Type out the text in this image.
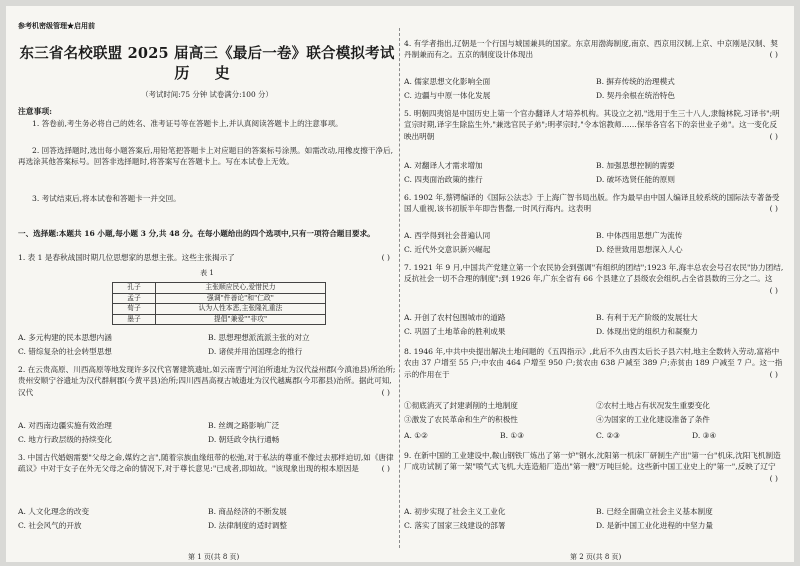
参考机密级管理★启用前
东三省名校联盟 2025 届高三《最后一卷》联合模拟考试
历 史
（考试时间:75 分钟 试卷满分:100 分）
注意事项:
1. 答卷前,考生务必将自己的姓名、准考证号等在答题卡上,并认真阅读答题卡上的注意事项。
2. 回答选择题时,选出每小题答案后,用铅笔把答题卡上对应题目的答案标号涂黑。如需改动,用橡皮擦干净后,再选涂其他答案标号。回答非选择题时,将答案写在答题卡上。写在本试卷上无效。
3. 考试结束后,将本试卷和答题卡一并交回。
一、选择题:本题共 16 小题,每小题 3 分,共 48 分。在每小题给出的四个选项中,只有一项符合题目要求。
1. 表 1 是春秋战国时期几位思想家的思想主张。这些主张揭示了	( )
表 1
孔子	主张顺应民心,爱惜民力
孟子	强调"件善论"和"仁政"
荀子	认为人性本恶,主张隆礼重法
墨子	提倡"兼爱""非攻"
A. 多元构建的民本思想内涵	B. 思想理想派流派主张的对立
C. 错综复杂的社会转型思想	D. 诸侯并用治国理念的推行
2. 在云贵高原、川西高原等地发现许多汉代官署建筑遗址,如云南晋宁河泊所遗址为汉代益州郡(今滇池县)所治所;贵州安顺宁谷遗址为汉代群舸郡(今黄平县)治所;四川西昌高视古城遗址为汉代越嶲郡(今邛都县)治所。据此可知,汉代	( )
A. 对西南边疆实施有效治理	B. 丝绸之路影响广泛
C. 地方行政层级的持续变化	D. 朝廷政令执行通畅
3. 中国古代婚姻需要"父母之命,媒妁之言",随着宗族血缘纽带的松弛,对于私法的尊重不像过去那样迫切,如《唐律疏议》中对于女子在外无父母之命的情况下,对于尊长意见:"已成者,即如故。"该现象出现的根本原因是	( )
A. 人文化理念的改变	B. 商品经济的不断发展
C. 社会风气的开放	D. 法律制度的适时调整
第 1 页(共 8 页)
4. 有学者指出,辽朝是一个行国与城国兼具的国家。东京用渤海制度,南京、西京用汉制,上京、中京刚是汉制、契丹制兼而有之。五京的制度设计体现出	( )
A. 儒家思想文化影响全面	B. 摒弃传统的治理模式
C. 边疆与中原一体化发展	D. 契丹余根在统治特色
5. 明朝四夷馆是中国历史上第一个官办翻译人才培养机构。其设立之初,"选用于生三十八人,隶翰林院,习译书";明宣宗时期,译字生除监生外,"兼选官民子弟";明孝宗时,"令本馆教师……保举各官名下的亲世业子弟"。这一变化反映出明朝	( )
A. 对翻译人才需求增加	B. 加强思想控制的需要
C. 四夷面治政策的推行	D. 破坏选贤任能的原则
6. 1902 年,蔡锷编译的《国际公法志》于上海广智书局出版。作为最早由中国人编译且较系统的国际法专著备受国人重视,该书初版半年即告售罄,一时风行海内。这表明	( )
A. 西学得到社会普遍认同	B. 中体西用思想广为流传
C. 近代外交意识新兴崛起	D. 经世致用思想深入人心
7. 1921 年 9 月,中国共产党建立第一个农民协会到强调"有组织的团结";1923 年,海丰总农会号召农民"协力团结,反抗社会一切不合理的制度";到 1926 年,广东全省有 66 个县建立了县级农会组织,占全省县数的三分之二。这
( )
A. 开创了农村包围城市的道路	B. 有利于无产阶级的发展壮大
C. 巩固了土地革命的胜利成果	D. 体现出党的组织力和凝聚力
8. 1946 年,中共中央提出解决土地问题的《五四指示》,此后不久由西太后长子县六村,地主全数转入劳动,富裕中农由 37 户增至 55 户;中农由 464 户增至 950 户;贫农由 638 户减至 389 户;赤贫由 189 户减至 7 户。这一指示的作用在于	( )
①彻底消灭了封建剥削的土地制度	②农村土地占有状况发生重要变化
③激发了农民革命和生产的积极性	④为国家的工业化建设准备了条件
A. ①②	B. ①③	C. ②③	D. ③④
9. 在新中国的工业建设中,鞍山钢铁厂炼出了第一炉"钢水,沈阳第一机床厂研制生产出"第一台"机床,沈阳飞机制造厂成功试制了第一架"喷气式飞机,大连造船厂造出"第一艘"万吨巨轮。这些新中国工业史上的"第一",反映了辽宁
( )
A. 初步实现了社会主义工业化	B. 已经全面确立社会主义基本制度
C. 落实了国家三线建设的部署	D. 是新中国工业化进程的中坚力量
第 2 页(共 8 页)
